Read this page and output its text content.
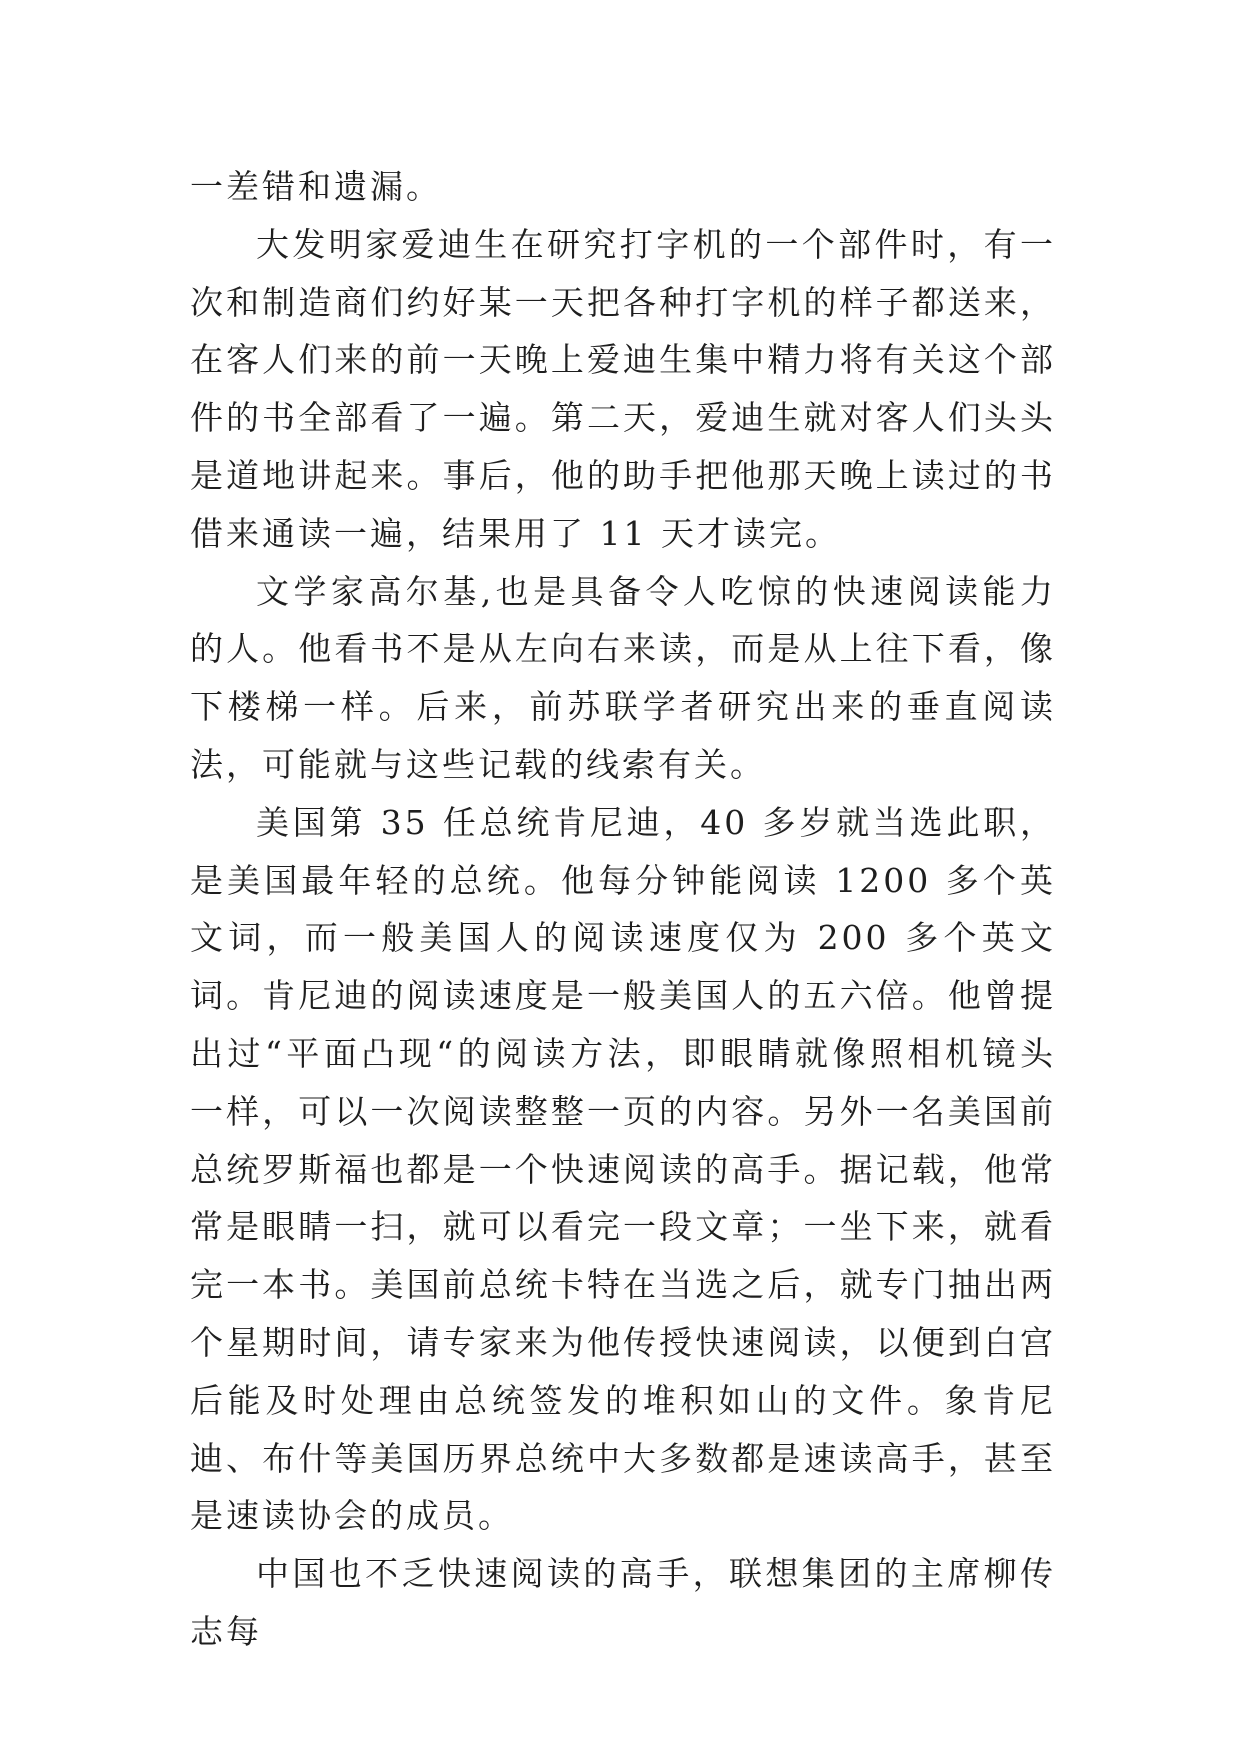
一差错和遗漏。

大发明家爱迪生在研究打字机的一个部件时，有一次和制造商们约好某一天把各种打字机的样子都送来，在客人们来的前一天晚上爱迪生集中精力将有关这个部件的书全部看了一遍。第二天，爱迪生就对客人们头头是道地讲起来。事后，他的助手把他那天晚上读过的书借来通读一遍，结果用了 11 天才读完。

文学家高尔基,也是具备令人吃惊的快速阅读能力的人。他看书不是从左向右来读，而是从上往下看，像下楼梯一样。后来，前苏联学者研究出来的垂直阅读法，可能就与这些记载的线索有关。

美国第 35 任总统肯尼迪，40 多岁就当选此职，是美国最年轻的总统。他每分钟能阅读 1200 多个英文词，而一般美国人的阅读速度仅为 200 多个英文词。肯尼迪的阅读速度是一般美国人的五六倍。他曾提出过“平面凸现“的阅读方法，即眼睛就像照相机镜头一样，可以一次阅读整整一页的内容。另外一名美国前总统罗斯福也都是一个快速阅读的高手。据记载，他常常是眼睛一扫，就可以看完一段文章；一坐下来，就看完一本书。美国前总统卡特在当选之后，就专门抽出两个星期时间，请专家来为他传授快速阅读，以便到白宫后能及时处理由总统签发的堆积如山的文件。象肯尼迪、布什等美国历界总统中大多数都是速读高手，甚至是速读协会的成员。

中国也不乏快速阅读的高手，联想集团的主席柳传志每
